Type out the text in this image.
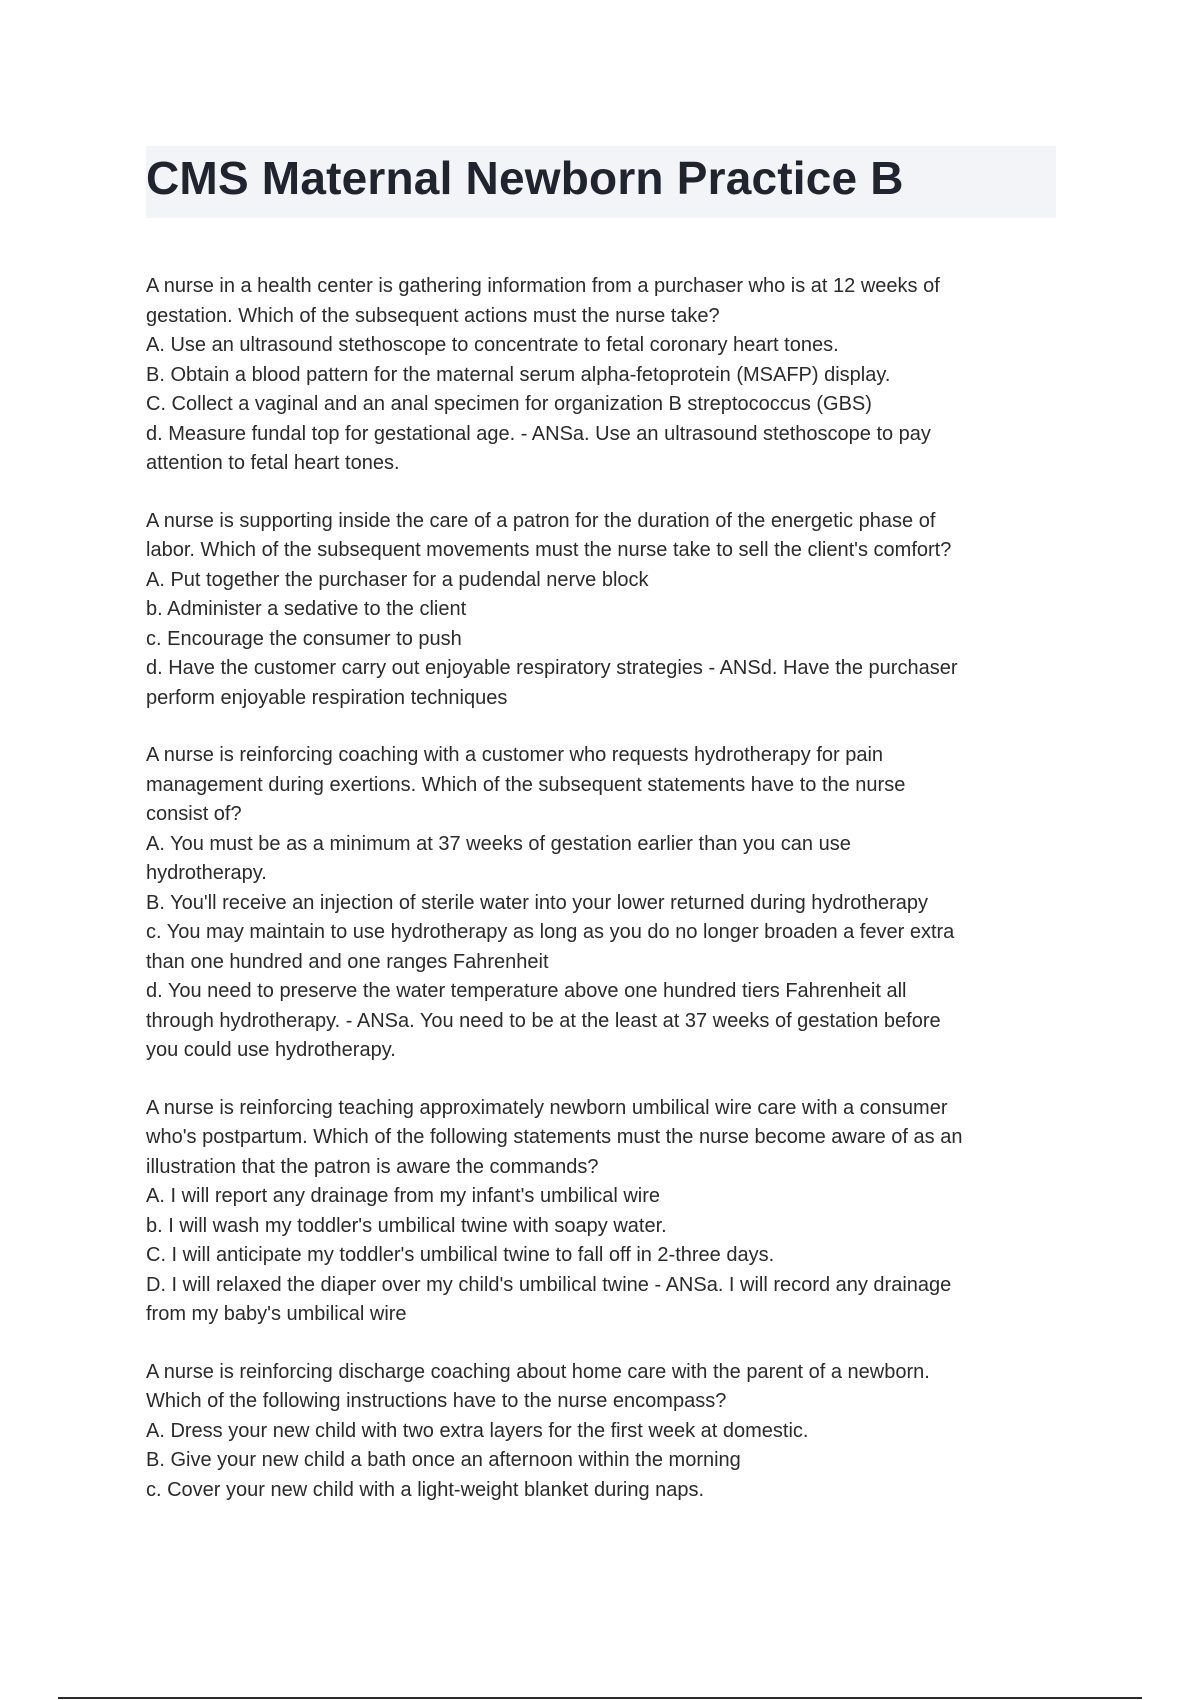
CMS Maternal Newborn Practice B
A nurse in a health center is gathering information from a purchaser who is at 12 weeks of
gestation. Which of the subsequent actions must the nurse take?
A. Use an ultrasound stethoscope to concentrate to fetal coronary heart tones.
B. Obtain a blood pattern for the maternal serum alpha-fetoprotein (MSAFP) display.
C. Collect a vaginal and an anal specimen for organization B streptococcus (GBS)
d. Measure fundal top for gestational age. - ANSa. Use an ultrasound stethoscope to pay
attention to fetal heart tones.
A nurse is supporting inside the care of a patron for the duration of the energetic phase of
labor. Which of the subsequent movements must the nurse take to sell the client's comfort?
A. Put together the purchaser for a pudendal nerve block
b. Administer a sedative to the client
c. Encourage the consumer to push
d. Have the customer carry out enjoyable respiratory strategies - ANSd. Have the purchaser
perform enjoyable respiration techniques
A nurse is reinforcing coaching with a customer who requests hydrotherapy for pain
management during exertions. Which of the subsequent statements have to the nurse
consist of?
A. You must be as a minimum at 37 weeks of gestation earlier than you can use
hydrotherapy.
B. You'll receive an injection of sterile water into your lower returned during hydrotherapy
c. You may maintain to use hydrotherapy as long as you do no longer broaden a fever extra
than one hundred and one ranges Fahrenheit
d. You need to preserve the water temperature above one hundred tiers Fahrenheit all
through hydrotherapy. - ANSa. You need to be at the least at 37 weeks of gestation before
you could use hydrotherapy.
A nurse is reinforcing teaching approximately newborn umbilical wire care with a consumer
who's postpartum. Which of the following statements must the nurse become aware of as an
illustration that the patron is aware the commands?
A. I will report any drainage from my infant's umbilical wire
b. I will wash my toddler's umbilical twine with soapy water.
C. I will anticipate my toddler's umbilical twine to fall off in 2-three days.
D. I will relaxed the diaper over my child's umbilical twine - ANSa. I will record any drainage
from my baby's umbilical wire
A nurse is reinforcing discharge coaching about home care with the parent of a newborn.
Which of the following instructions have to the nurse encompass?
A. Dress your new child with two extra layers for the first week at domestic.
B. Give your new child a bath once an afternoon within the morning
c. Cover your new child with a light-weight blanket during naps.
